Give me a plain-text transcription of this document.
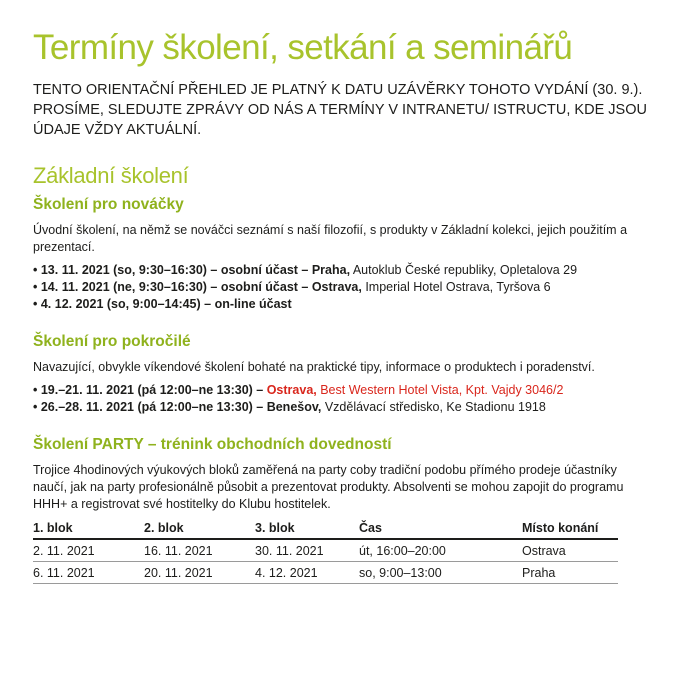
Termíny školení, setkání a seminářů

TENTO ORIENTAČNÍ PŘEHLED JE PLATNÝ K DATU UZÁVĚRKY TOHOTO VYDÁNÍ (30. 9.). PROSÍME, SLEDUJTE ZPRÁVY OD NÁS A TERMÍNY V INTRANETU/ ISTRUCTU, KDE JSOU ÚDAJE VŽDY AKTUÁLNÍ.

Základní školení
Školení pro nováčky

Úvodní školení, na němž se nováčci seznámí s naší filozofií, s produkty v Základní kolekci, jejich použitím a prezentací.

• 13. 11. 2021 (so, 9:30–16:30) – osobní účast – Praha, Autoklub České republiky, Opletalova 29
• 14. 11. 2021 (ne, 9:30–16:30) – osobní účast – Ostrava, Imperial Hotel Ostrava, Tyršova 6
• 4. 12. 2021 (so, 9:00–14:45) – on-line účast
Školení pro pokročilé

Navazující, obvykle víkendové školení bohaté na praktické tipy, informace o produktech i poradenství.

• 19.–21. 11. 2021 (pá 12:00–ne 13:30) – Ostrava, Best Western Hotel Vista, Kpt. Vajdy 3046/2
• 26.–28. 11. 2021 (pá 12:00–ne 13:30) – Benešov, Vzdělávací středisko, Ke Stadionu 1918
Školení PARTY – trénink obchodních dovedností

Trojice 4hodinových výukových bloků zaměřená na party coby tradiční podobu přímého prodeje účastníky naučí, jak na party profesionálně působit a prezentovat produkty. Absolventi se mohou zapojit do programu HHH+ a registrovat své hostitelky do Klubu hostitelek.

1. blok	2. blok	3. blok	Čas	Místo konání
2. 11. 2021	16. 11. 2021	30. 11. 2021	út, 16:00–20:00	Ostrava
6. 11. 2021	20. 11. 2021	4. 12. 2021	so, 9:00–13:00	Praha
